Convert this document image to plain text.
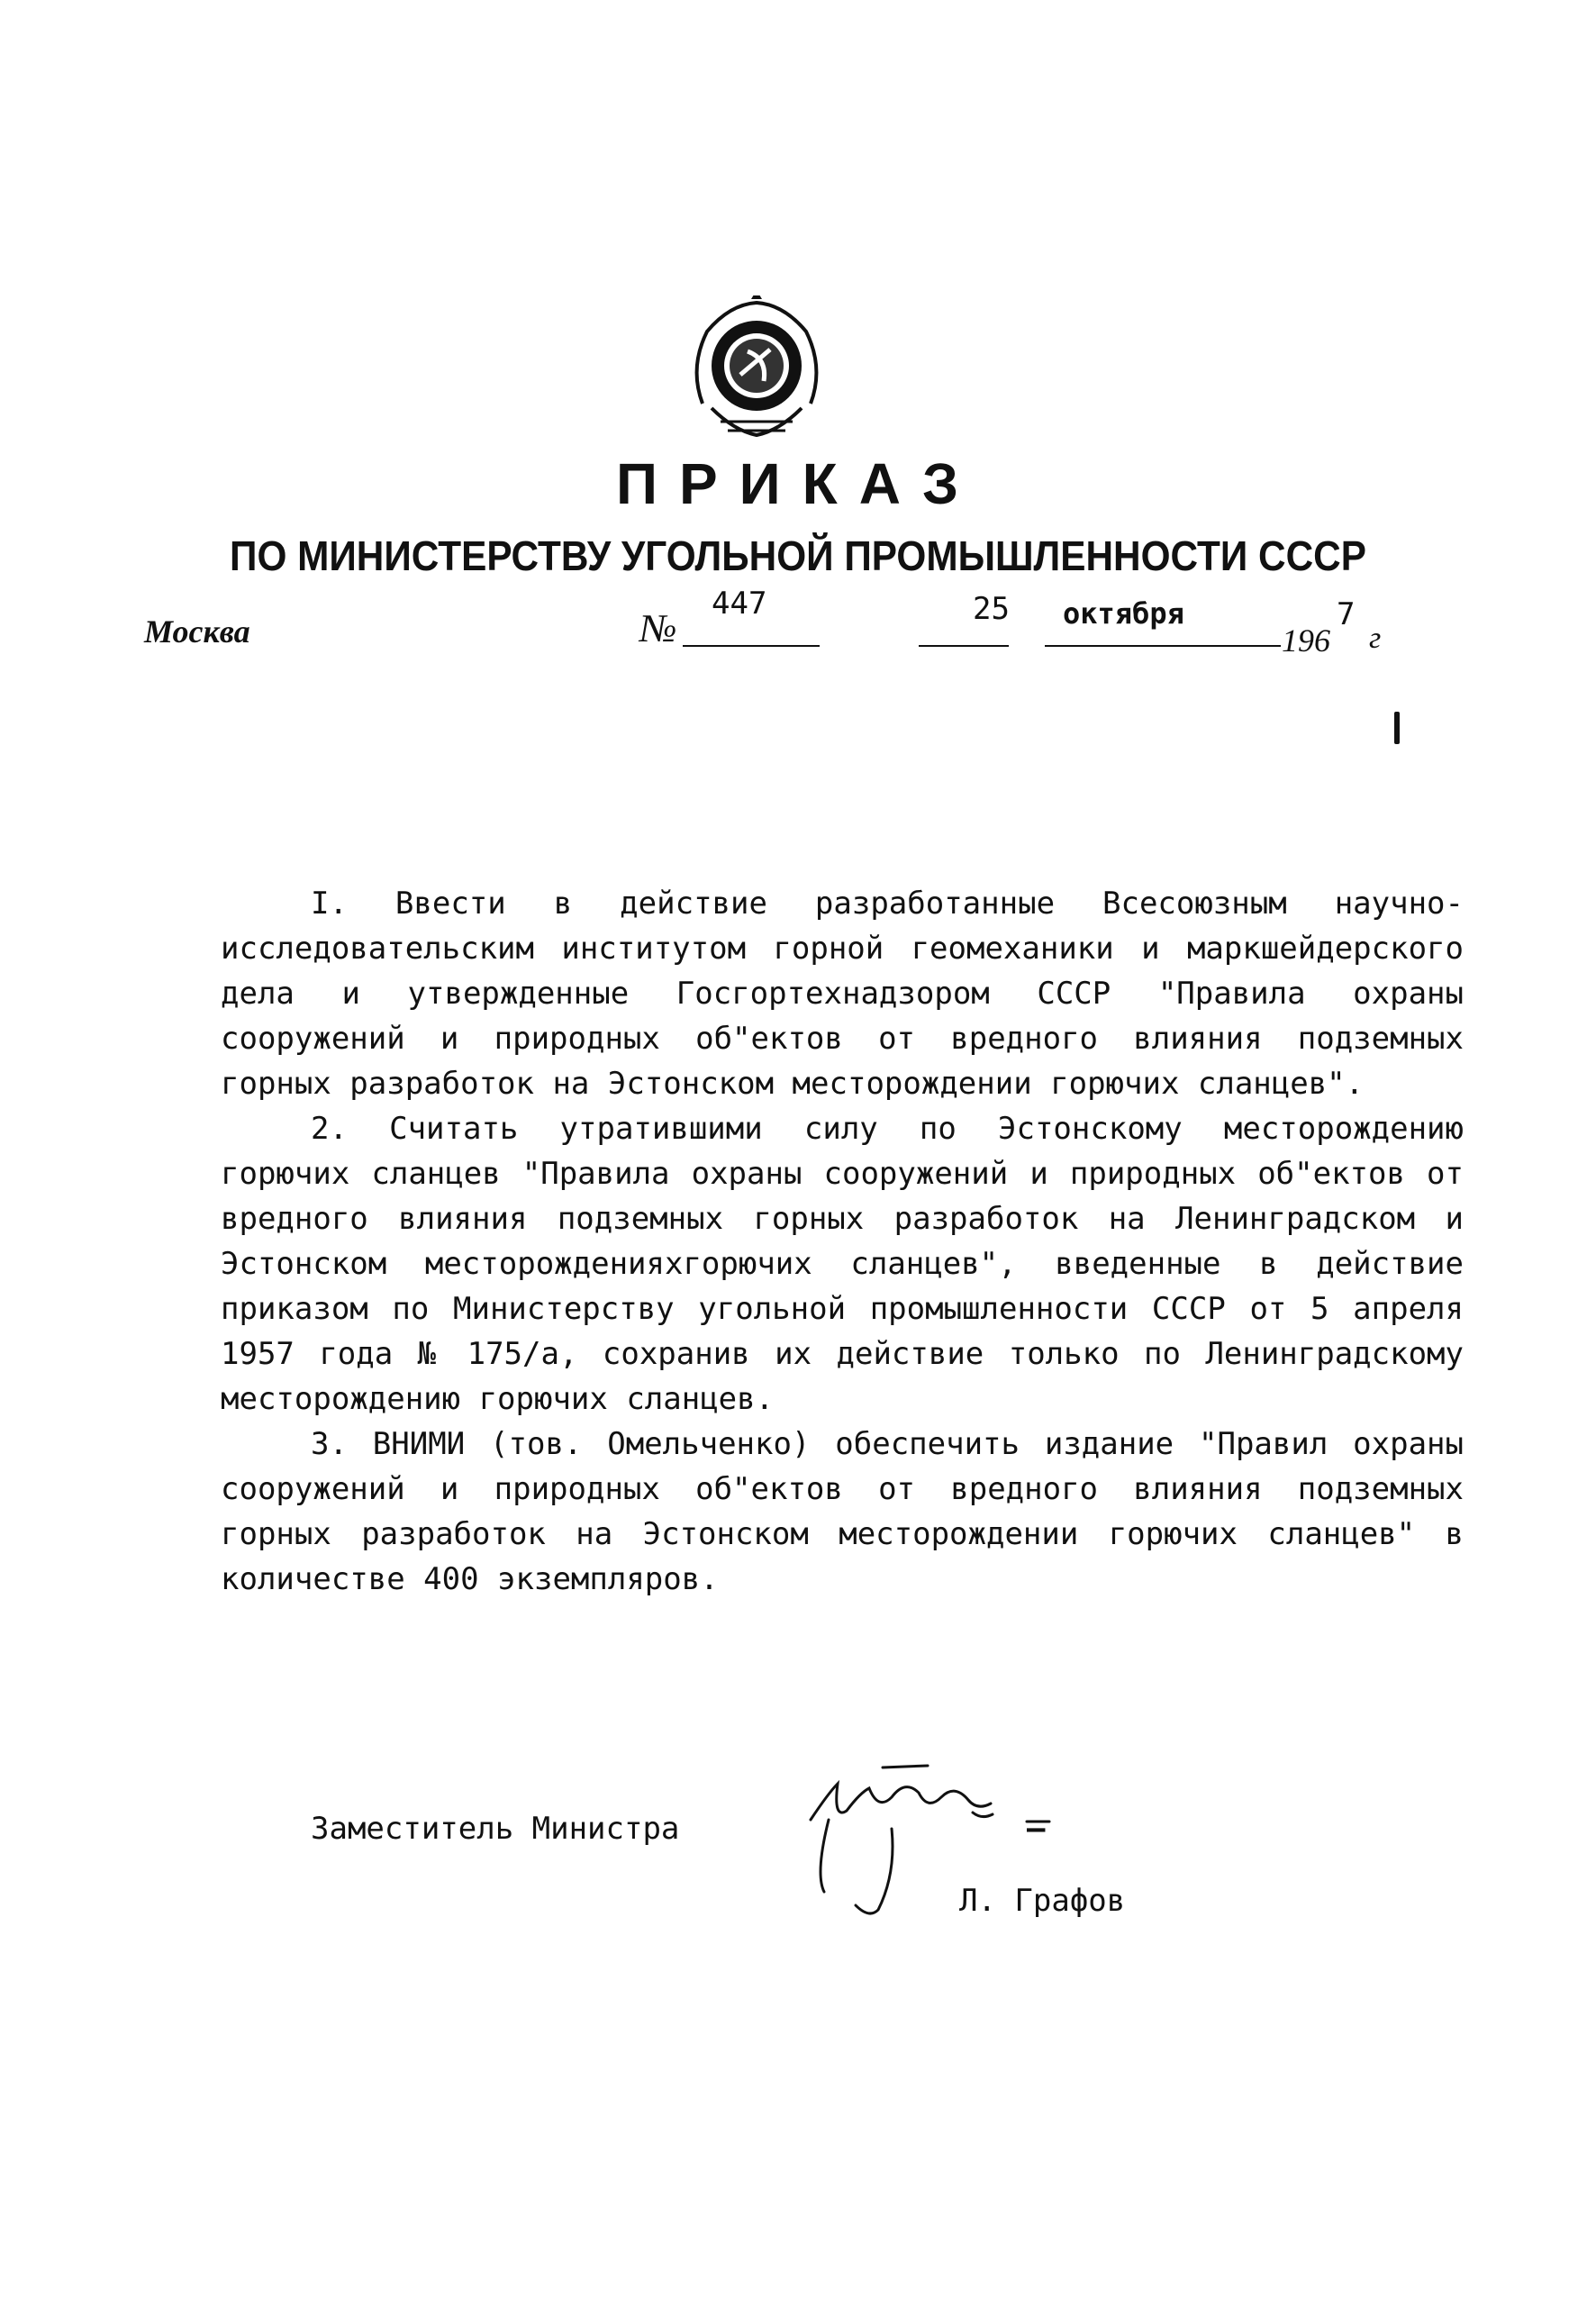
ПРИКАЗ
ПО МИНИСТЕРСТВУ УГОЛЬНОЙ ПРОМЫШЛЕННОСТИ СССР
Москва	№
447	25 октября
196
7
г

I. Ввести в действие разработанные Всесоюзным научно-исследовательским институтом горной геомеханики и маркшейдерского дела и утвержденные Госгортехнадзором СССР "Правила охраны сооружений и природных об"ектов от вредного влияния подземных горных разработок на Эстонском месторождении горючих сланцев".

2. Считать утратившими силу по Эстонскому месторождению горючих сланцев "Правила охраны сооружений и природных об"ектов от вредного влияния подземных горных разработок на Ленинградском и Эстонском месторожденияхгорючих сланцев", введенные в действие приказом по Министерству угольной промышленности СССР от 5 апреля 1957 года № 175/а, сохранив их действие только по Ленинградскому месторождению горючих сланцев.

3. ВНИМИ (тов. Омельченко) обеспечить издание "Правил охраны сооружений и природных об"ектов от вредного влияния подземных горных разработок на Эстонском месторождении горючих сланцев" в количестве 400 экземпляров.

Заместитель Министра	–
Л. Графов
